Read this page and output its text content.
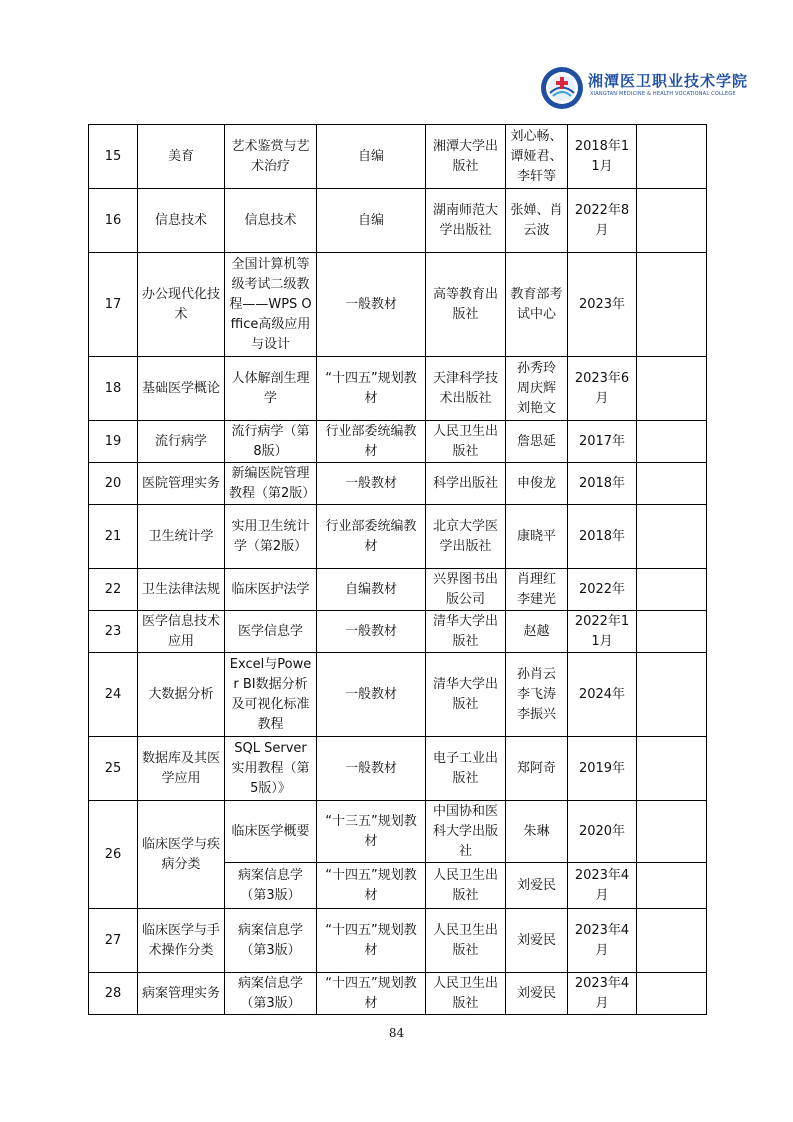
湘潭医卫职业技术学院
XIANGTAN MEDICINE & HEALTH VOCATIONAL COLLEGE
15	美育	艺术鉴赏与艺术治疗	自编	湘潭大学出版社	刘心畅、谭娅君、李轩等	2018年11月	
16	信息技术	信息技术	自编	湖南师范大学出版社	张婵、肖云波	2022年8月	
17	办公现代化技术	全国计算机等级考试二级教程——WPS Office高级应用与设计	一般教材	高等教育出版社	教育部考试中心	2023年	
18	基础医学概论	人体解剖生理学	“十四五”规划教材	天津科学技术出版社	孙秀玲 周庆辉 刘艳文	2023年6月	
19	流行病学	流行病学（第8版）	行业部委统编教材	人民卫生出版社	詹思延	2017年	
20	医院管理实务	新编医院管理教程（第2版）	一般教材	科学出版社	申俊龙	2018年	
21	卫生统计学	实用卫生统计学（第2版）	行业部委统编教材	北京大学医学出版社	康晓平	2018年	
22	卫生法律法规	临床医护法学	自编教材	兴界图书出版公司	肖理红 李建光	2022年	
23	医学信息技术应用	医学信息学	一般教材	清华大学出版社	赵越	2022年11月	
24	大数据分析	Excel与Power BI数据分析及可视化标准教程	一般教材	清华大学出版社	孙肖云 李飞涛 李振兴	2024年	
25	数据库及其医学应用	SQL Server实用教程（第5版）》	一般教材	电子工业出版社	郑阿奇	2019年	
26	临床医学与疾病分类	临床医学概要	“十三五”规划教材	中国协和医科大学出版社	朱琳	2020年	
		病案信息学（第3版）	“十四五”规划教材	人民卫生出版社	刘爱民	2023年4月	
27	临床医学与手术操作分类	病案信息学（第3版）	“十四五”规划教材	人民卫生出版社	刘爱民	2023年4月	
28	病案管理实务	病案信息学（第3版）	“十四五”规划教材	人民卫生出版社	刘爱民	2023年4月	
84
